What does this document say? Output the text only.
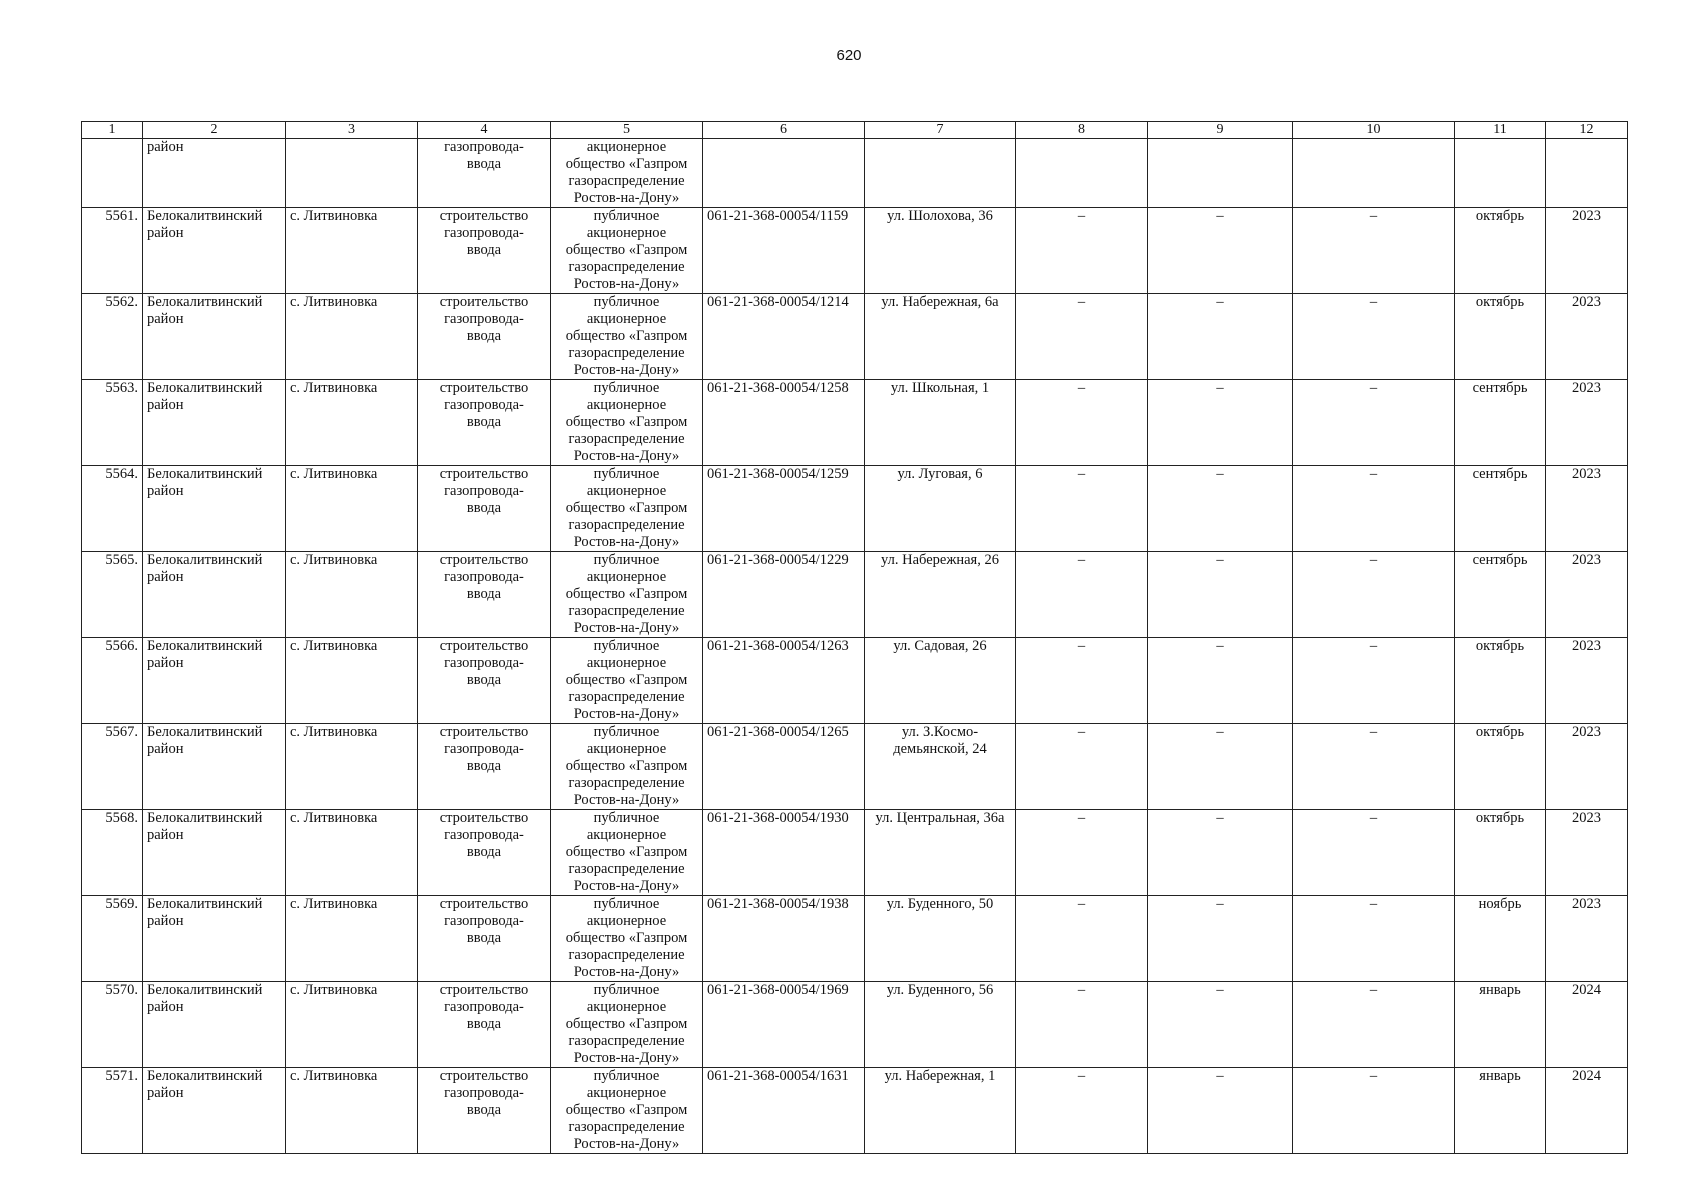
620
1	2	3	4	5	6	7	8	9	10	11	12

	район		газопровода-
ввода	акционерное
общество «Газпром
газораспределение
Ростов-на-Дону»							

5561.	Белокалитвинский
район	с. Литвиновка	строительство
газопровода-
ввода	публичное
акционерное
общество «Газпром
газораспределение
Ростов-на-Дону»	061-21-368-00054/1159	ул. Шолохова, 36	–	–	–	октябрь	2023
5562.	Белокалитвинский
район	с. Литвиновка	строительство
газопровода-
ввода	публичное
акционерное
общество «Газпром
газораспределение
Ростов-на-Дону»	061-21-368-00054/1214	ул. Набережная, 6а	–	–	–	октябрь	2023
5563.	Белокалитвинский
район	с. Литвиновка	строительство
газопровода-
ввода	публичное
акционерное
общество «Газпром
газораспределение
Ростов-на-Дону»	061-21-368-00054/1258	ул. Школьная, 1	–	–	–	сентябрь	2023
5564.	Белокалитвинский
район	с. Литвиновка	строительство
газопровода-
ввода	публичное
акционерное
общество «Газпром
газораспределение
Ростов-на-Дону»	061-21-368-00054/1259	ул. Луговая, 6	–	–	–	сентябрь	2023
5565.	Белокалитвинский
район	с. Литвиновка	строительство
газопровода-
ввода	публичное
акционерное
общество «Газпром
газораспределение
Ростов-на-Дону»	061-21-368-00054/1229	ул. Набережная, 26	–	–	–	сентябрь	2023
5566.	Белокалитвинский
район	с. Литвиновка	строительство
газопровода-
ввода	публичное
акционерное
общество «Газпром
газораспределение
Ростов-на-Дону»	061-21-368-00054/1263	ул. Садовая, 26	–	–	–	октябрь	2023
5567.	Белокалитвинский
район	с. Литвиновка	строительство
газопровода-
ввода	публичное
акционерное
общество «Газпром
газораспределение
Ростов-на-Дону»	061-21-368-00054/1265	ул. З.Космо-
демьянской, 24	–	–	–	октябрь	2023
5568.	Белокалитвинский
район	с. Литвиновка	строительство
газопровода-
ввода	публичное
акционерное
общество «Газпром
газораспределение
Ростов-на-Дону»	061-21-368-00054/1930	ул. Центральная, 36а	–	–	–	октябрь	2023
5569.	Белокалитвинский
район	с. Литвиновка	строительство
газопровода-
ввода	публичное
акционерное
общество «Газпром
газораспределение
Ростов-на-Дону»	061-21-368-00054/1938	ул. Буденного, 50	–	–	–	ноябрь	2023
5570.	Белокалитвинский
район	с. Литвиновка	строительство
газопровода-
ввода	публичное
акционерное
общество «Газпром
газораспределение
Ростов-на-Дону»	061-21-368-00054/1969	ул. Буденного, 56	–	–	–	январь	2024
5571.	Белокалитвинский
район	с. Литвиновка	строительство
газопровода-
ввода	публичное
акционерное
общество «Газпром
газораспределение
Ростов-на-Дону»	061-21-368-00054/1631	ул. Набережная, 1	–	–	–	январь	2024
